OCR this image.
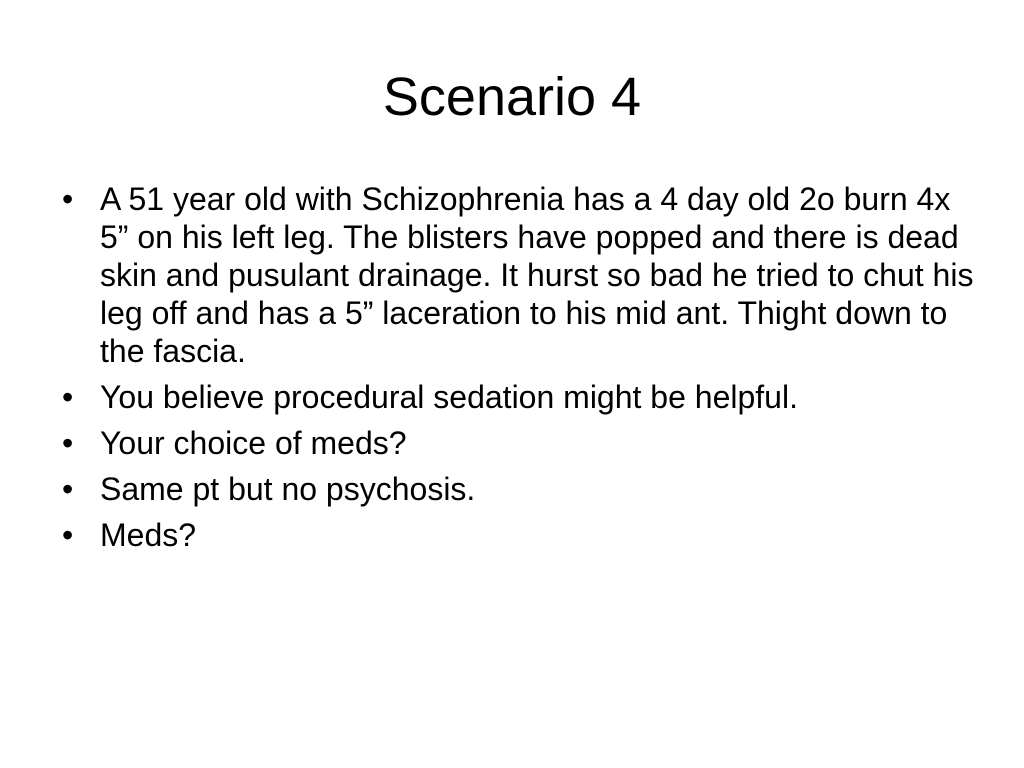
Scenario 4
• A 51 year old with Schizophrenia has a 4 day old 2o burn 4x 5” on his left leg. The blisters have popped and there is dead skin and pusulant drainage. It hurst so bad he tried to chut his leg off and has a 5” laceration to his mid ant. Thight down to the fascia.
• You believe procedural sedation might be helpful.
• Your choice of meds?
• Same pt but no psychosis.
• Meds?
